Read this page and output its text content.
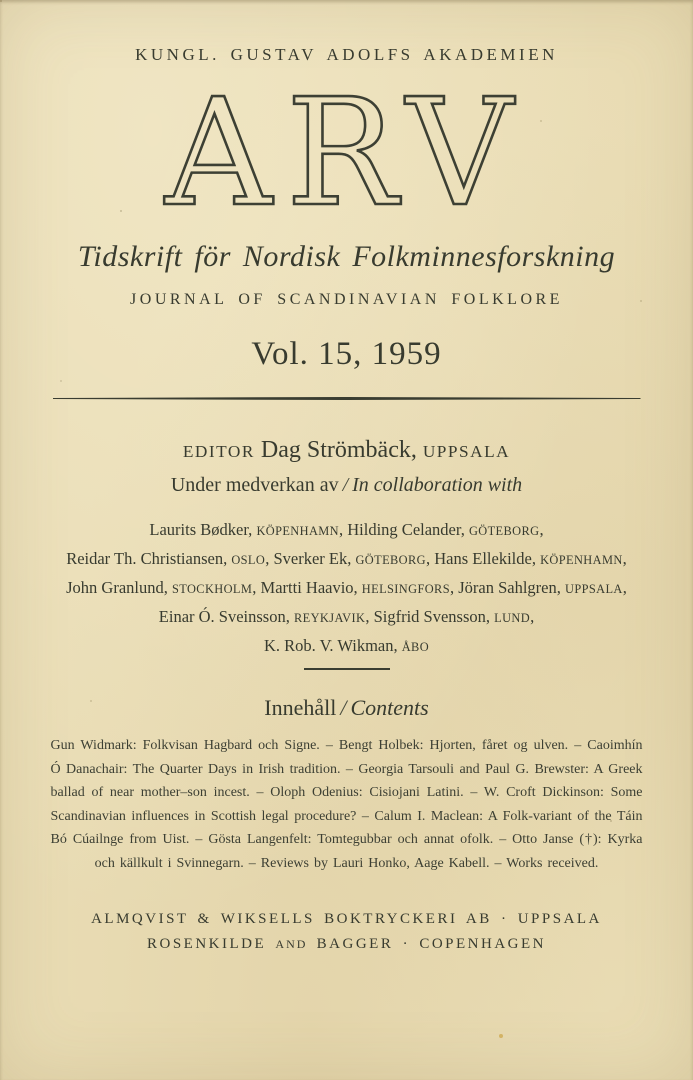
KUNGL. GUSTAV ADOLFS AKADEMIEN
ARV
Tidskrift för Nordisk Folkminnesforskning
JOURNAL OF SCANDINAVIAN FOLKLORE
Vol. 15, 1959
EDITOR Dag Strömbäck, UPPSALA
Under medverkan av / In collaboration with
Laurits Bødker, KÖPENHAMN, Hilding Celander, GÖTEBORG,
Reidar Th. Christiansen, OSLO, Sverker Ek, GÖTEBORG, Hans Ellekilde, KÖPENHAMN,
John Granlund, STOCKHOLM, Martti Haavio, HELSINGFORS, Jöran Sahlgren, UPPSALA,
Einar Ó. Sveinsson, REYKJAVIK, Sigfrid Svensson, LUND,
K. Rob. V. Wikman, ÅBO
Innehåll / Contents
Gun Widmark: Folkvisan Hagbard och Signe. – Bengt Holbek: Hjorten, fåret og ulven. – Caoimhín Ó Danachair: The Quarter Days in Irish tradition. – Georgia Tarsouli and Paul G. Brewster: A Greek ballad of near mother–son incest. – Oloph Odenius: Cisiojani Latini. – W. Croft Dickinson: Some Scandinavian influences in Scottish legal procedure? – Calum I. Maclean: A Folk-variant of the Táin Bó Cúailnge from Uist. – Gösta Langenfelt: Tomtegubbar och annat ofolk. – Otto Janse (†): Kyrka och källkult i Svinnegarn. – Reviews by Lauri Honko, Aage Kabell. – Works received.
ALMQVIST & WIKSELLS BOKTRYCKERI AB · UPPSALA
ROSENKILDE AND BAGGER · COPENHAGEN
